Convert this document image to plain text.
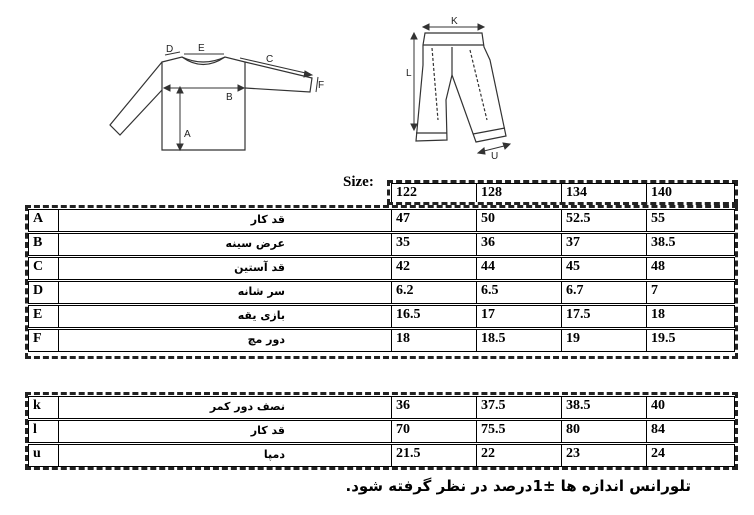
D E
C
B
A
F
K
L
U
Size:
122	128	134	140
A	قد کار	47	50	52.5	55
B	عرض سینه	35	36	37	38.5
C	قد آستین	42	44	45	48
D	سر شانه	6.2	6.5	6.7	7
E	بازی یقه	16.5	17	17.5	18
F	دور مچ	18	18.5	19	19.5
k	نصف دور کمر	36	37.5	38.5	40
l	قد کار	70	75.5	80	84
u	دمپا	21.5	22	23	24
تلورانس اندازه ها ±1درصد در نظر گرفته شود.
